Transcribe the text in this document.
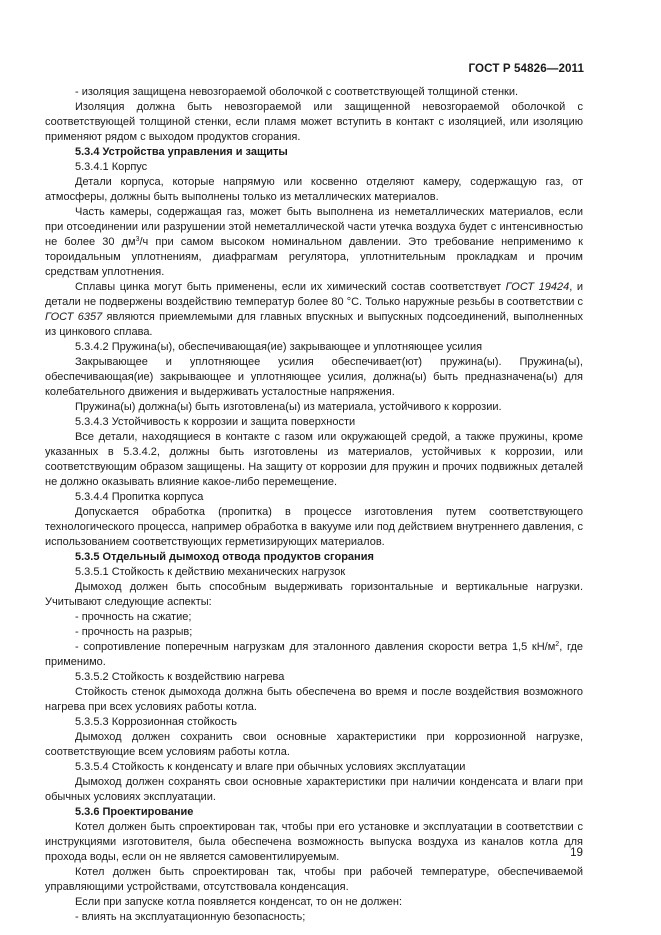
ГОСТ Р 54826—2011

- изоляция защищена невозгораемой оболочкой с соответствующей толщиной стенки.

Изоляция должна быть невозгораемой или защищенной невозгораемой оболочкой с соответствующей толщиной стенки, если пламя может вступить в контакт с изоляцией, или изоляцию применяют рядом с выходом продуктов сгорания.

5.3.4 Устройства управления и защиты

5.3.4.1 Корпус

Детали корпуса, которые напрямую или косвенно отделяют камеру, содержащую газ, от атмосферы, должны быть выполнены только из металлических материалов.

Часть камеры, содержащая газ, может быть выполнена из неметаллических материалов, если при отсоединении или разрушении этой неметаллической части утечка воздуха будет с интенсивностью не более 30 $дм^3/ч$ при самом высоком номинальном давлении. Это требование неприменимо к тороидальным уплотнениям, диафрагмам регулятора, уплотнительным прокладкам и прочим средствам уплотнения.

Сплавы цинка могут быть применены, если их химический состав соответствует ГОСТ 19424, и детали не подвержены воздействию температур более 80 °С. Только наружные резьбы в соответствии с ГОСТ 6357 являются приемлемыми для главных впускных и выпускных подсоединений, выполненных из цинкового сплава.

5.3.4.2 Пружина(ы), обеспечивающая(ие) закрывающее и уплотняющее усилия

Закрывающее и уплотняющее усилия обеспечивает(ют) пружина(ы). Пружина(ы), обеспечивающая(ие) закрывающее и уплотняющее усилия, должна(ы) быть предназначена(ы) для колебательного движения и выдерживать усталостные напряжения.

Пружина(ы) должна(ы) быть изготовлена(ы) из материала, устойчивого к коррозии.

5.3.4.3 Устойчивость к коррозии и защита поверхности

Все детали, находящиеся в контакте с газом или окружающей средой, а также пружины, кроме указанных в 5.3.4.2, должны быть изготовлены из материалов, устойчивых к коррозии, или соответствующим образом защищены. На защиту от коррозии для пружин и прочих подвижных деталей не должно оказывать влияние какое-либо перемещение.

5.3.4.4 Пропитка корпуса

Допускается обработка (пропитка) в процессе изготовления путем соответствующего технологического процесса, например обработка в вакууме или под действием внутреннего давления, с использованием соответствующих герметизирующих материалов.

5.3.5 Отдельный дымоход отвода продуктов сгорания

5.3.5.1 Стойкость к действию механических нагрузок

Дымоход должен быть способным выдерживать горизонтальные и вертикальные нагрузки. Учитывают следующие аспекты:

- прочность на сжатие;

- прочность на разрыв;

- сопротивление поперечным нагрузкам для эталонного давления скорости ветра 1,5 $кН/м^2$, где применимо.

5.3.5.2 Стойкость к воздействию нагрева

Стойкость стенок дымохода должна быть обеспечена во время и после воздействия возможного нагрева при всех условиях работы котла.

5.3.5.3 Коррозионная стойкость

Дымоход должен сохранить свои основные характеристики при коррозионной нагрузке, соответствующие всем условиям работы котла.

5.3.5.4 Стойкость к конденсату и влаге при обычных условиях эксплуатации

Дымоход должен сохранять свои основные характеристики при наличии конденсата и влаги при обычных условиях эксплуатации.

5.3.6 Проектирование

Котел должен быть спроектирован так, чтобы при его установке и эксплуатации в соответствии с инструкциями изготовителя, была обеспечена возможность выпуска воздуха из каналов котла для прохода воды, если он не является самовентилируемым.

Котел должен быть спроектирован так, чтобы при рабочей температуре, обеспечиваемой управляющими устройствами, отсутствовала конденсация.

Если при запуске котла появляется конденсат, то он не должен:

- влиять на эксплуатационную безопасность;

19
